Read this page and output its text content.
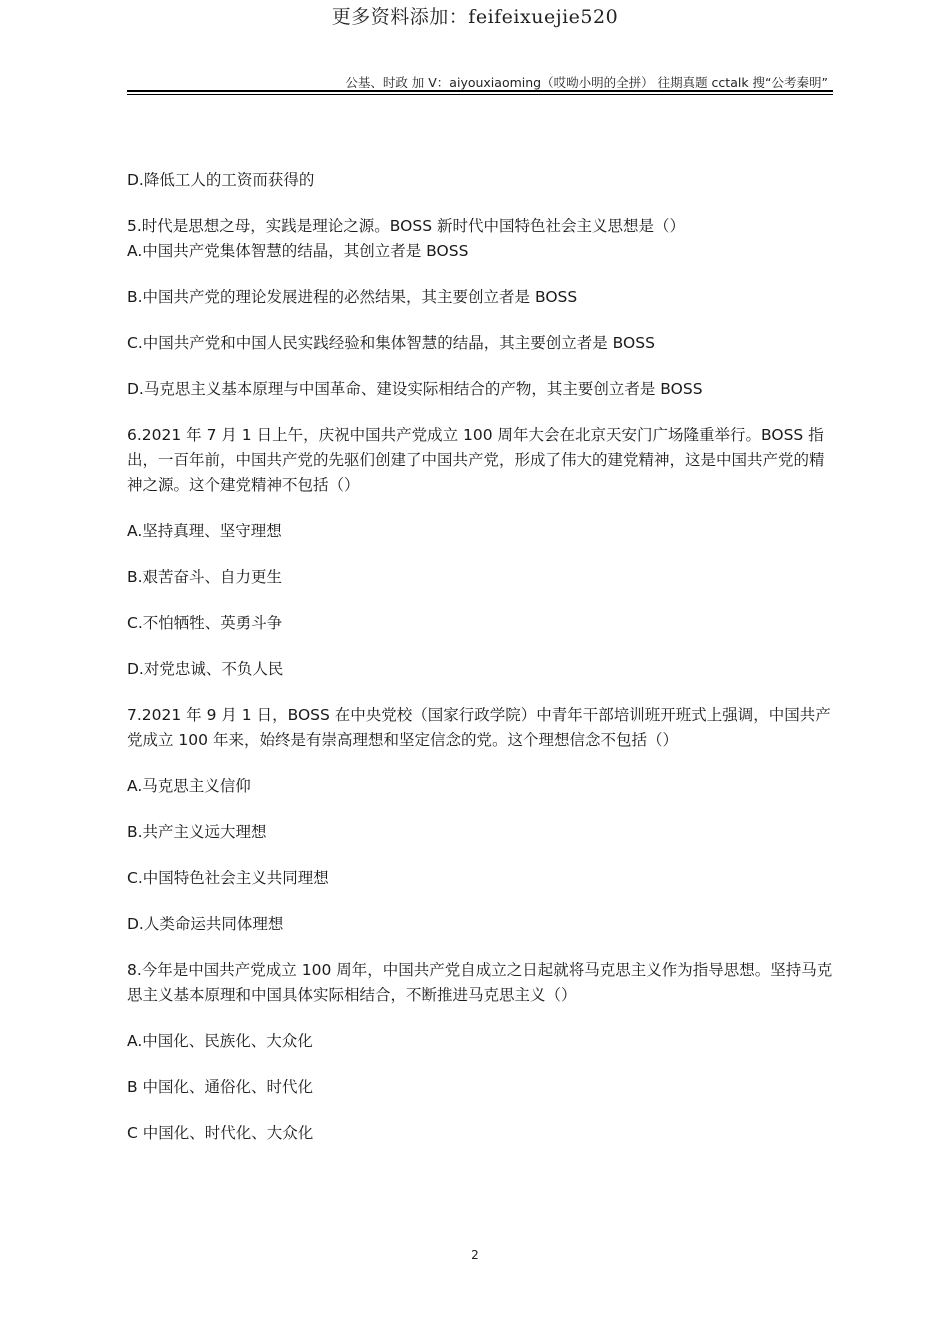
更多资料添加：feifeixuejie520
公基、时政 加 V：aiyouxiaoming（哎呦小明的全拼） 往期真题 cctalk 搜“公考秦明”

D.降低工人的工资而获得的

5.时代是思想之母，实践是理论之源。BOSS 新时代中国特色社会主义思想是（）

A.中国共产党集体智慧的结晶，其创立者是 BOSS

B.中国共产党的理论发展进程的必然结果，其主要创立者是 BOSS

C.中国共产党和中国人民实践经验和集体智慧的结晶，其主要创立者是 BOSS

D.马克思主义基本原理与中国革命、建设实际相结合的产物，其主要创立者是 BOSS

6.2021 年 7 月 1 日上午，庆祝中国共产党成立 100 周年大会在北京天安门广场隆重举行。BOSS 指出，一百年前，中国共产党的先驱们创建了中国共产党，形成了伟大的建党精神，这是中国共产党的精神之源。这个建党精神不包括（）

A.坚持真理、坚守理想

B.艰苦奋斗、自力更生

C.不怕牺牲、英勇斗争

D.对党忠诚、不负人民

7.2021 年 9 月 1 日，BOSS 在中央党校（国家行政学院）中青年干部培训班开班式上强调，中国共产党成立 100 年来，始终是有崇高理想和坚定信念的党。这个理想信念不包括（）

A.马克思主义信仰

B.共产主义远大理想

C.中国特色社会主义共同理想

D.人类命运共同体理想

8.今年是中国共产党成立 100 周年，中国共产党自成立之日起就将马克思主义作为指导思想。坚持马克思主义基本原理和中国具体实际相结合，不断推进马克思主义（）

A.中国化、民族化、大众化

B 中国化、通俗化、时代化

C 中国化、时代化、大众化

2
